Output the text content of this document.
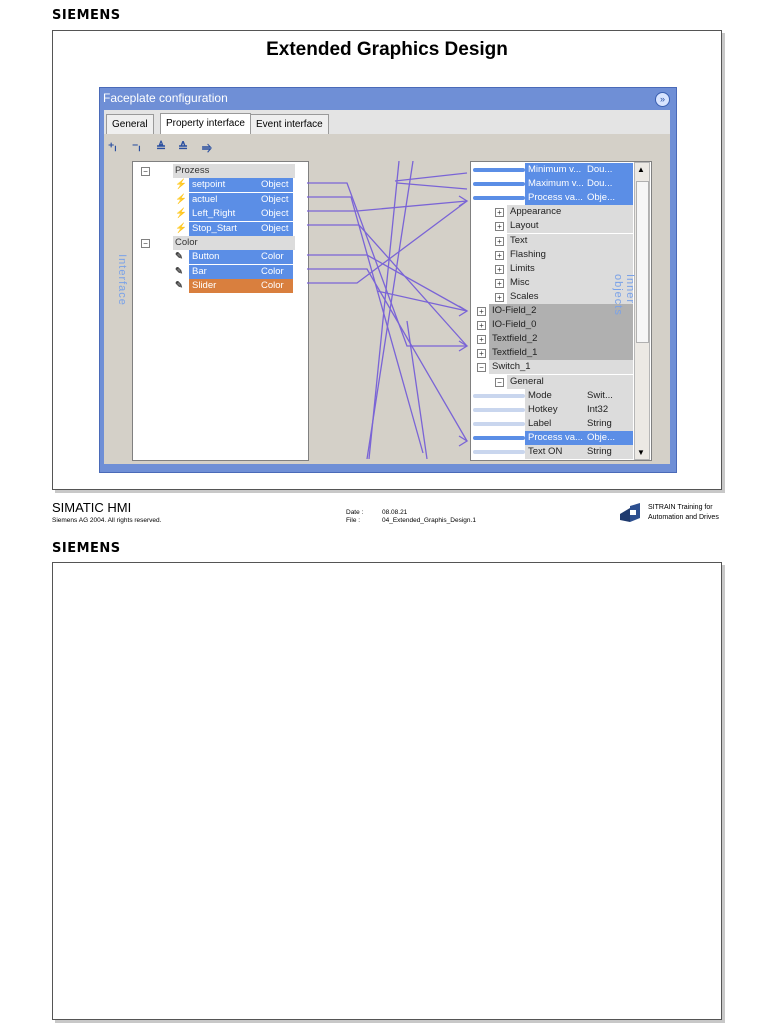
SIEMENS
Extended Graphics Design
Faceplate configuration	»
General	Property interface	Event interface
⁺ₗ ⁻ₗ ≜ ≙ ⥤
Interface
−	Prozess
⚡ setpoint	Object
⚡ actuel	Object
⚡ Left_Right	Object
⚡ Stop_Start	Object
−	Color
✎ Button	Color
✎ Bar	Color
✎ Slider	Color
Minimum v... Dou...
Maximum v... Dou...
Process va... Obje...
+ Appearance
+ Layout
+ Text
+ Flashing
+ Limits
+ Misc
+ Scales
+ IO-Field_2
+ IO-Field_0
+ Textfield_2
+ Textfield_1
− Switch_1
− General
Mode	Swit...
Hotkey	Int32
Label	String
Process va... Obje...
Text ON	String
▲
▼
Inner objects
SIMATIC HMI
Siemens AG 2004. All rights reserved.
Date :	08.08.21
File :	04_Extended_Graphis_Design.1
SITRAIN Training for
Automation and Drives
SIEMENS
